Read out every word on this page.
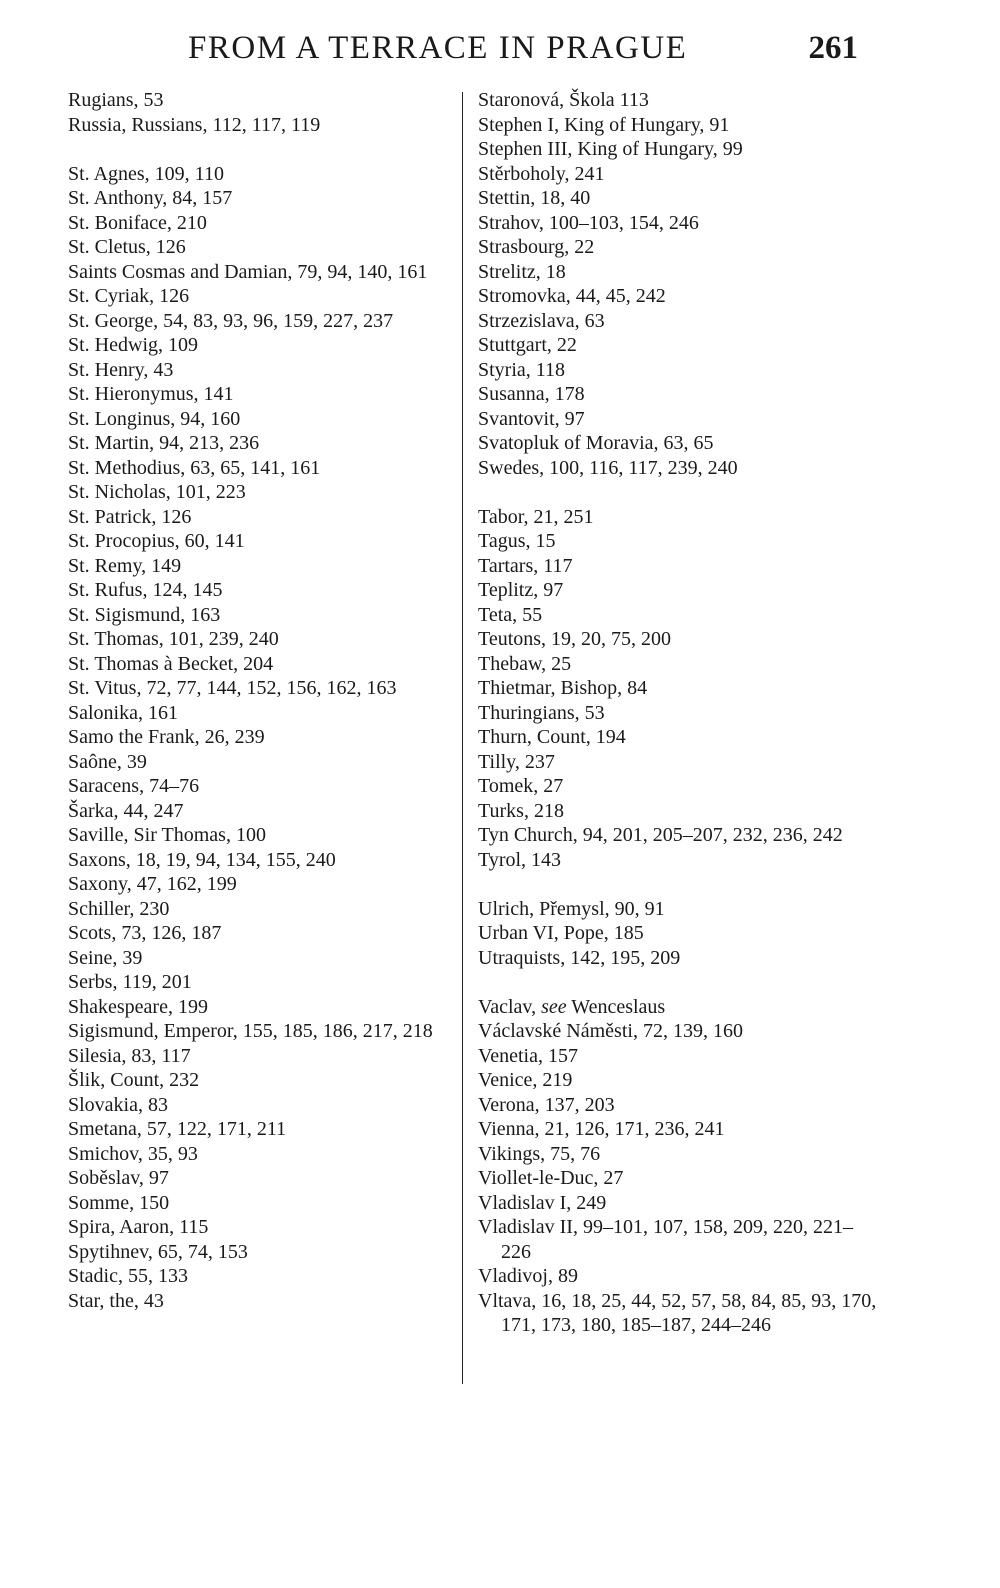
FROM A TERRACE IN PRAGUE	261
Rugians, 53
Russia, Russians, 112, 117, 119
St. Agnes, 109, 110
St. Anthony, 84, 157
St. Boniface, 210
St. Cletus, 126
Saints Cosmas and Damian, 79, 94, 140, 161
St. Cyriak, 126
St. George, 54, 83, 93, 96, 159, 227, 237
St. Hedwig, 109
St. Henry, 43
St. Hieronymus, 141
St. Longinus, 94, 160
St. Martin, 94, 213, 236
St. Methodius, 63, 65, 141, 161
St. Nicholas, 101, 223
St. Patrick, 126
St. Procopius, 60, 141
St. Remy, 149
St. Rufus, 124, 145
St. Sigismund, 163
St. Thomas, 101, 239, 240
St. Thomas à Becket, 204
St. Vitus, 72, 77, 144, 152, 156, 162, 163
Salonika, 161
Samo the Frank, 26, 239
Saône, 39
Saracens, 74–76
Šarka, 44, 247
Saville, Sir Thomas, 100
Saxons, 18, 19, 94, 134, 155, 240
Saxony, 47, 162, 199
Schiller, 230
Scots, 73, 126, 187
Seine, 39
Serbs, 119, 201
Shakespeare, 199
Sigismund, Emperor, 155, 185, 186, 217, 218
Silesia, 83, 117
Šlik, Count, 232
Slovakia, 83
Smetana, 57, 122, 171, 211
Smichov, 35, 93
Soběslav, 97
Somme, 150
Spira, Aaron, 115
Spytihnev, 65, 74, 153
Stadic, 55, 133
Star, the, 43
Staronová, Škola 113
Stephen I, King of Hungary, 91
Stephen III, King of Hungary, 99
Stěrboholy, 241
Stettin, 18, 40
Strahov, 100–103, 154, 246
Strasbourg, 22
Strelitz, 18
Stromovka, 44, 45, 242
Strzezislava, 63
Stuttgart, 22
Styria, 118
Susanna, 178
Svantovit, 97
Svatopluk of Moravia, 63, 65
Swedes, 100, 116, 117, 239, 240
Tabor, 21, 251
Tagus, 15
Tartars, 117
Teplitz, 97
Teta, 55
Teutons, 19, 20, 75, 200
Thebaw, 25
Thietmar, Bishop, 84
Thuringians, 53
Thurn, Count, 194
Tilly, 237
Tomek, 27
Turks, 218
Tyn Church, 94, 201, 205–207, 232, 236, 242
Tyrol, 143
Ulrich, Přemysl, 90, 91
Urban VI, Pope, 185
Utraquists, 142, 195, 209
Vaclav, see Wenceslaus
Václavské Náměsti, 72, 139, 160
Venetia, 157
Venice, 219
Verona, 137, 203
Vienna, 21, 126, 171, 236, 241
Vikings, 75, 76
Viollet-le-Duc, 27
Vladislav I, 249
Vladislav II, 99–101, 107, 158, 209, 220, 221–226
Vladivoj, 89
Vltava, 16, 18, 25, 44, 52, 57, 58, 84, 85, 93, 170, 171, 173, 180, 185–187, 244–246
